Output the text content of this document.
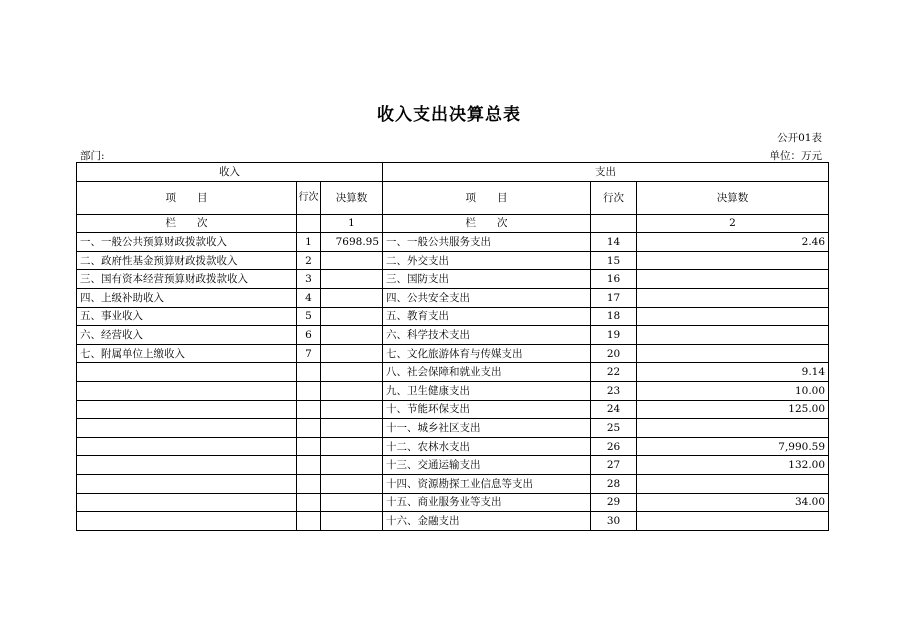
收入支出决算总表
公开01表
部门:	单位：万元
收入			支出		
项　　目	行次	决算数	项　　目	行次	决算数
栏　　次		1	栏　　次		2
一、一般公共预算财政拨款收入	1	7698.95	一、一般公共服务支出	14	2.46
二、政府性基金预算财政拨款收入	2		二、外交支出	15	
三、国有资本经营预算财政拨款收入	3		三、国防支出	16	
四、上级补助收入	4		四、公共安全支出	17	
五、事业收入	5		五、教育支出	18	
六、经营收入	6		六、科学技术支出	19	
七、附属单位上缴收入	7		七、文化旅游体育与传媒支出	20	
			八、社会保障和就业支出	22	9.14
			九、卫生健康支出	23	10.00
			十、节能环保支出	24	125.00
			十一、城乡社区支出	25	
			十二、农林水支出	26	7,990.59
			十三、交通运输支出	27	132.00
			十四、资源勘探工业信息等支出	28	
			十五、商业服务业等支出	29	34.00
			十六、金融支出	30	
